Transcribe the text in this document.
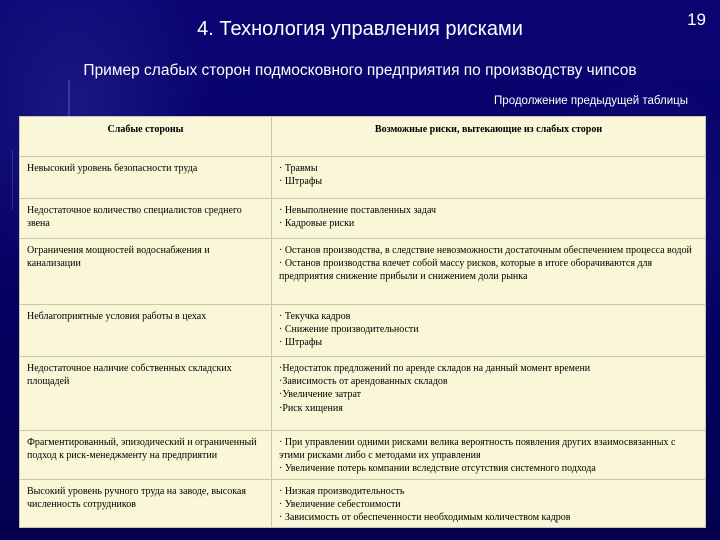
4. Технология управления рисками	19
Пример слабых сторон подмосковного предприятия по производству чипсов
Продолжение предыдущей таблицы
Слабые стороны	Возможные риски, вытекающие из слабых сторон
Невысокий уровень безопасности труда	· Травмы
· Штрафы

Недостаточное количество специалистов среднего звена	· Невыполнение поставленных задач
· Кадровые риски

Ограничения мощностей водоснабжения и канализации	· Останов производства, в следствие невозможности достаточным обеспечением процесса водой
· Останов производства влечет собой массу рисков, которые в итоге оборачиваются для предприятия снижение прибыли и снижением доли рынка

Неблагоприятные условия работы в цехах	· Текучка кадров
· Снижение производительности
· Штрафы

Недостаточное наличие собственных складских площадей	·Недостаток предложений по аренде складов на данный момент времени
·Зависимость от арендованных складов
·Увеличение затрат
·Риск хищения

Фрагментированный, эпизодический и ограниченный подход к риск-менеджменту на предприятии	· При управлении одними рисками велика вероятность появления других взаимосвязанных с этими рисками либо с методами их управления
· Увеличение потерь компании вследствие отсутствия системного подхода

Высокий уровень ручного труда на заводе, высокая численность сотрудников	· Низкая производительность
· Увеличение себестоимости
· Зависимость от обеспеченности необходимым количеством кадров
